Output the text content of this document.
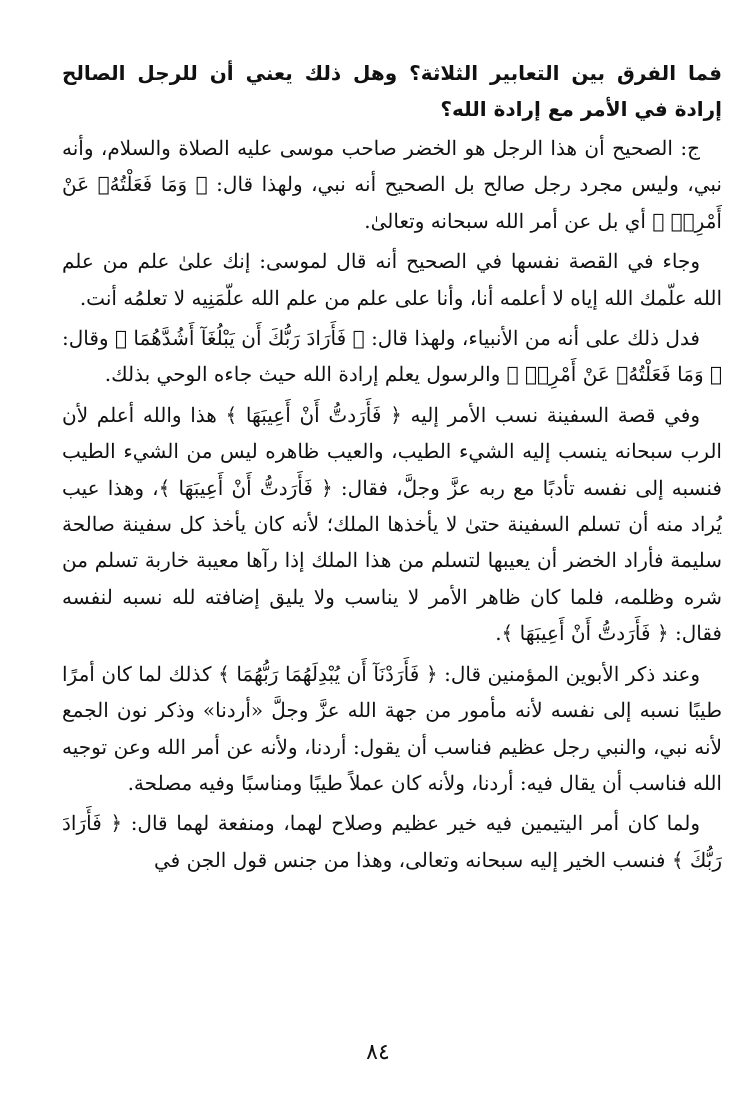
فما الفرق بين التعابير الثلاثة؟ وهل ذلك يعني أن للرجل الصالح إرادة في الأمر مع إرادة الله؟

ج: الصحيح أن هذا الرجل هو الخضر صاحب موسى عليه الصلاة والسلام، وأنه نبي، وليس مجرد رجل صالح بل الصحيح أنه نبي، ولهذا قال: ﴿ وَمَا فَعَلْتُهُۥ عَنْ أَمْرِىۚ ﴾ أي بل عن أمر الله سبحانه وتعالىٰ.

وجاء في القصة نفسها في الصحيح أنه قال لموسى: إنك علىٰ علم من علم الله علّمك الله إياه لا أعلمه أنا، وأنا على علم من علم الله علّمَنِيه لا تعلمُه أنت.

فدل ذلك على أنه من الأنبياء، ولهذا قال: ﴿ فَأَرَادَ رَبُّكَ أَن يَبْلُغَآ أَشُدَّهُمَا ﴾ وقال: ﴿ وَمَا فَعَلْتُهُۥ عَنْ أَمْرِىۚ ﴾ والرسول يعلم إرادة الله حيث جاءه الوحي بذلك.

وفي قصة السفينة نسب الأمر إليه ﴿ فَأَرَدتُّ أَنْ أَعِيبَهَا ﴾ هذا والله أعلم لأن الرب سبحانه ينسب إليه الشيء الطيب، والعيب ظاهره ليس من الشيء الطيب فنسبه إلى نفسه تأدبًا مع ربه عزَّ وجلَّ، فقال: ﴿ فَأَرَدتُّ أَنْ أَعِيبَهَا ﴾، وهذا عيب يُراد منه أن تسلم السفينة حتىٰ لا يأخذها الملك؛ لأنه كان يأخذ كل سفينة صالحة سليمة فأراد الخضر أن يعيبها لتسلم من هذا الملك إذا رآها معيبة خاربة تسلم من شره وظلمه، فلما كان ظاهر الأمر لا يناسب ولا يليق إضافته لله نسبه لنفسه فقال: ﴿ فَأَرَدتُّ أَنْ أَعِيبَهَا ﴾.

وعند ذكر الأبوين المؤمنين قال: ﴿ فَأَرَدْنَآ أَن يُبْدِلَهُمَا رَبُّهُمَا ﴾ كذلك لما كان أمرًا طيبًا نسبه إلى نفسه لأنه مأمور من جهة الله عزَّ وجلَّ «أردنا» وذكر نون الجمع لأنه نبي، والنبي رجل عظيم فناسب أن يقول: أردنا، ولأنه عن أمر الله وعن توجيه الله فناسب أن يقال فيه: أردنا، ولأنه كان عملاً طيبًا ومناسبًا وفيه مصلحة.

ولما كان أمر اليتيمين فيه خير عظيم وصلاح لهما، ومنفعة لهما قال: ﴿ فَأَرَادَ رَبُّكَ ﴾ فنسب الخير إليه سبحانه وتعالى، وهذا من جنس قول الجن في

٨٤
